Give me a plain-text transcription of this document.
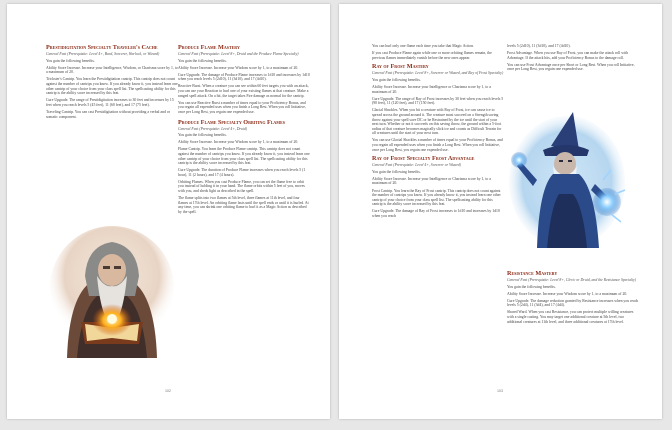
Prestidigitation Specialty Traveler's Cache
General Feat (Prerequisite: Level 4+, Bard, Sorcerer, Warlock, or Wizard)
You gain the following benefits.
Ability Score Increase. Increase your Intelligence, Wisdom, or Charisma score by 1, to a maximum of 20.
Trickster's Cantrip. You learn the Prestidigitation cantrip. This cantrip does not count against the number of cantrips you know. If you already know it, you instead learn one other cantrip of your choice from your class spell list. The spellcasting ability for this cantrip is the ability score increased by this feat.
Cure Upgrade. The range of Prestidigitation increases to 30 feet and increases by 15 feet when you reach levels 5 (45 feet), 11 (60 feet), and 17 (75 feet).
Traveling Cantrip. You can cast Prestidigitation without providing a verbal and or somatic component.
Produce Flame Mastery
General Feat (Prerequisite: Level 8+, Druid and the Produce Flame Specialty)
You gain the following benefits.
Ability Score Increase. Increase your Wisdom score by 1, to a maximum of 20.
Cure Upgrade. The damage of Produce Flame increases to 1d10 and increases by 1d10 when you reach levels 5 (2d10), 11 (3d10), and 17 (4d10).
Reactive Burst. When a creature you can see within 60 feet targets you with an attack, you can use your Reaction to hurl one of your existing flames at that creature. Make a ranged spell attack. On a hit, the target takes Fire damage as normal for the cantrip.
You can use Reactive Burst a number of times equal to your Proficiency Bonus, and you regain all expended uses when you finish a Long Rest. When you roll Initiative, once per Long Rest, you regain one expended use.
Produce Flame Specialty Orbiting Flames
General Feat (Prerequisite: Level 4+, Druid)
You gain the following benefits.
Ability Score Increase. Increase your Wisdom score by 1, to a maximum of 20.
Flame Cantrip. You learn the Produce Flame cantrip. This cantrip does not count against the number of cantrips you know. If you already know it, you instead learn one other cantrip of your choice from your class spell list. The spellcasting ability for this cantrip is the ability score increased by this feat.
Cure Upgrade. The duration of Produce Flame increases when you reach levels 5 (1 hour), 11 (2 hours), and 17 (4 hours).
Orbiting Flames. When you cast Produce Flame, you can set the flame free to orbit you instead of holding it in your hand. The flame orbits within 5 feet of you, moves with you, and sheds light as described in the spell.
The flame splits into two flames at 5th level, three flames at 11th level, and four flames at 17th level. An orbiting flame lasts until the spell ends or until it is hurled. At any time, you can shrink one orbiting flame to hurl it as a Magic Action as described by the spell.
102
You can hurl only one flame each time you take that Magic Action.
If you cast Produce Flame again while one or more orbiting flames remain, the previous flames immediately vanish before the new ones appear.
Ray of Frost Mastery
General Feat (Prerequisite: Level 8+, Sorcerer or Wizard, and Ray of Frost Specialty)
You gain the following benefits.
Ability Score Increase. Increase your Intelligence or Charisma score by 1, to a maximum of 20.
Cure Upgrade. The range of Ray of Frost increases by 30 feet when you reach levels 5 (90 feet), 11 (120 feet), and 17 (150 feet).
Glacial Shackles. When you hit a creature with Ray of Frost, ice can cause ice to spread across the ground around it. The creature must succeed on a Strength saving throw against your spell save DC or be Restrained by the ice until the start of your next turn. Whether or not it succeeds on this saving throw, the ground within a 5-foot radius of that creature becomes magically slick ice and counts as Difficult Terrain for all creatures until the start of your next turn.
You can use Glacial Shackles a number of times equal to your Proficiency Bonus, and you regain all expended uses when you finish a Long Rest. When you roll Initiative, once per Long Rest, you regain one expended use.
Ray of Frost Specialty Frost Advantage
General Feat (Prerequisite: Level 4+, Sorcerer or Wizard)
You gain the following benefits.
Ability Score Increase. Increase your Intelligence or Charisma score by 1, to a maximum of 20.
Frost Cantrip. You learn the Ray of Frost cantrip. This cantrip does not count against the number of cantrips you know. If you already know it, you instead learn one other cantrip of your choice from your class spell list. The spellcasting ability for this cantrip is the ability score increased by this feat.
Cure Upgrade. The damage of Ray of Frost increases to 1d10 and increases by 1d10 when you reach
levels 5 (2d10), 11 (3d10), and 17 (4d10).
Frost Advantage. When you use Ray of Frost, you can make the attack roll with Advantage. If the attack hits, add your Proficiency Bonus to the damage roll.
You can use Frost Advantage once per Short or Long Rest. When you roll Initiative, once per Long Rest, you regain one expended use.
Resistance Mastery
General Feat (Prerequisite: Level 8+, Cleric or Druid, and the Resistance Specialty)
You gain the following benefits.
Ability Score Increase. Increase your Wisdom score by 1, to a maximum of 20.
Cure Upgrade. The damage reduction granted by Resistance increases when you reach levels 5 (2d4), 11 (3d4), and 17 (4d4).
Shared Ward. When you cast Resistance, you can protect multiple willing creatures with a single casting. You may target one additional creature at 5th level, two additional creatures at 11th level, and three additional creatures at 17th level.
103
